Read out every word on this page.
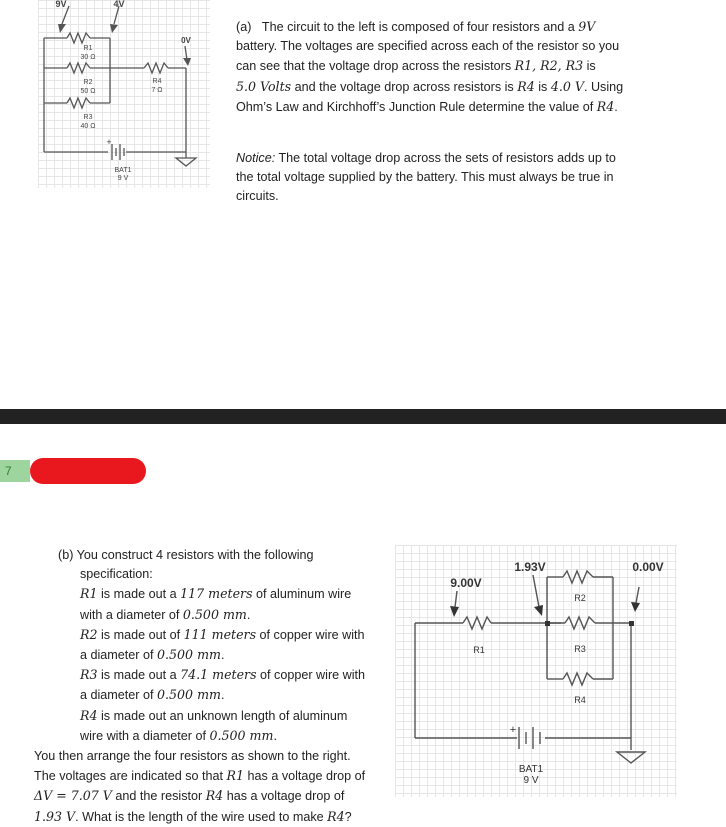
9V	4V
0V
R1
30 Ω
R2
50 Ω
R3
40 Ω
R4
7 Ω
BAT1
9 V
+

(a) The circuit to the left is composed of four resistors and a 9V

battery. The voltages are specified across each of the resistor so you

can see that the voltage drop across the resistors R1, R2, R3 is

5.0 Volts and the voltage drop across resistors is R4 is 4.0 V. Using

Ohm’s Law and Kirchhoff’s Junction Rule determine the value of R4.

Notice: The total voltage drop across the sets of resistors adds up to

the total voltage supplied by the battery. This must always be true in

circuits.

7

(b) You construct 4 resistors with the following

specification:

R1 is made out a 117 meters of aluminum wire

with a diameter of 0.500 mm.

R2 is made out of 111 meters of copper wire with

a diameter of 0.500 mm.

R3 is made out a 74.1 meters of copper wire with

a diameter of 0.500 mm.

R4 is made out an unknown length of aluminum

wire with a diameter of 0.500 mm.

You then arrange the four resistors as shown to the right.

The voltages are indicated so that R1 has a voltage drop of

ΔV = 7.07 V and the resistor R4 has a voltage drop of

1.93 V. What is the length of the wire used to make R4?

9.00V
1.93V	0.00V
R1
R2
R3
R4
BAT1
9 V
+
